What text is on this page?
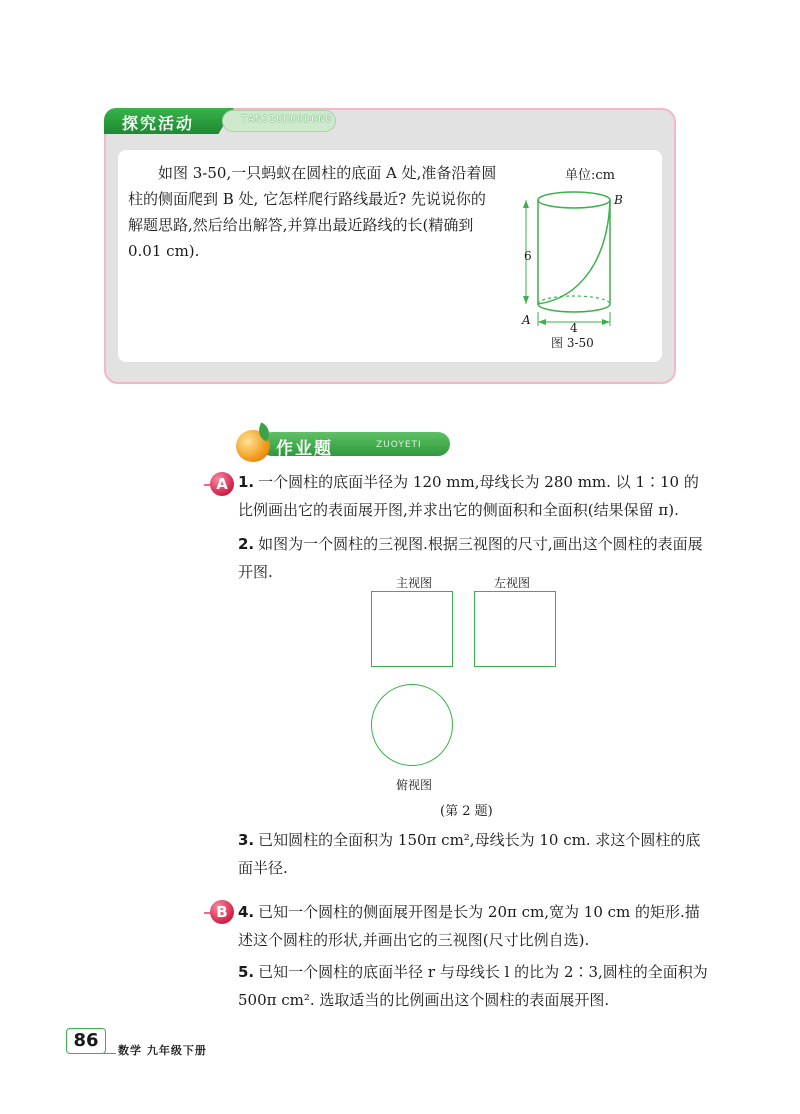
探究活动	TANJIUHUODONG

如图 3-50,一只蚂蚁在圆柱的底面 A 处,准备沿着圆柱的侧面爬到 B 处, 它怎样爬行路线最近? 先说说你的解题思路,然后给出解答,并算出最近路线的长(精确到 0.01 cm).

单位:cm
B
A
6
4
图 3-50
作业题	ZUOYETI
A 1. 一个圆柱的底面半径为 120 mm,母线长为 280 mm. 以 1∶10 的比例画出它的表面展开图,并求出它的侧面积和全面积(结果保留 π).

2. 如图为一个圆柱的三视图.根据三视图的尺寸,画出这个圆柱的表面展开图.

主视图	左视图
俯视图
(第 2 题)

3. 已知圆柱的全面积为 150π cm²,母线长为 10 cm. 求这个圆柱的底面半径.

B 4. 已知一个圆柱的侧面展开图是长为 20π cm,宽为 10 cm 的矩形.描述这个圆柱的形状,并画出它的三视图(尺寸比例自选).

5. 已知一个圆柱的底面半径 r 与母线长 l 的比为 2∶3,圆柱的全面积为 500π cm². 选取适当的比例画出这个圆柱的表面展开图.

86	数学 九年级下册
